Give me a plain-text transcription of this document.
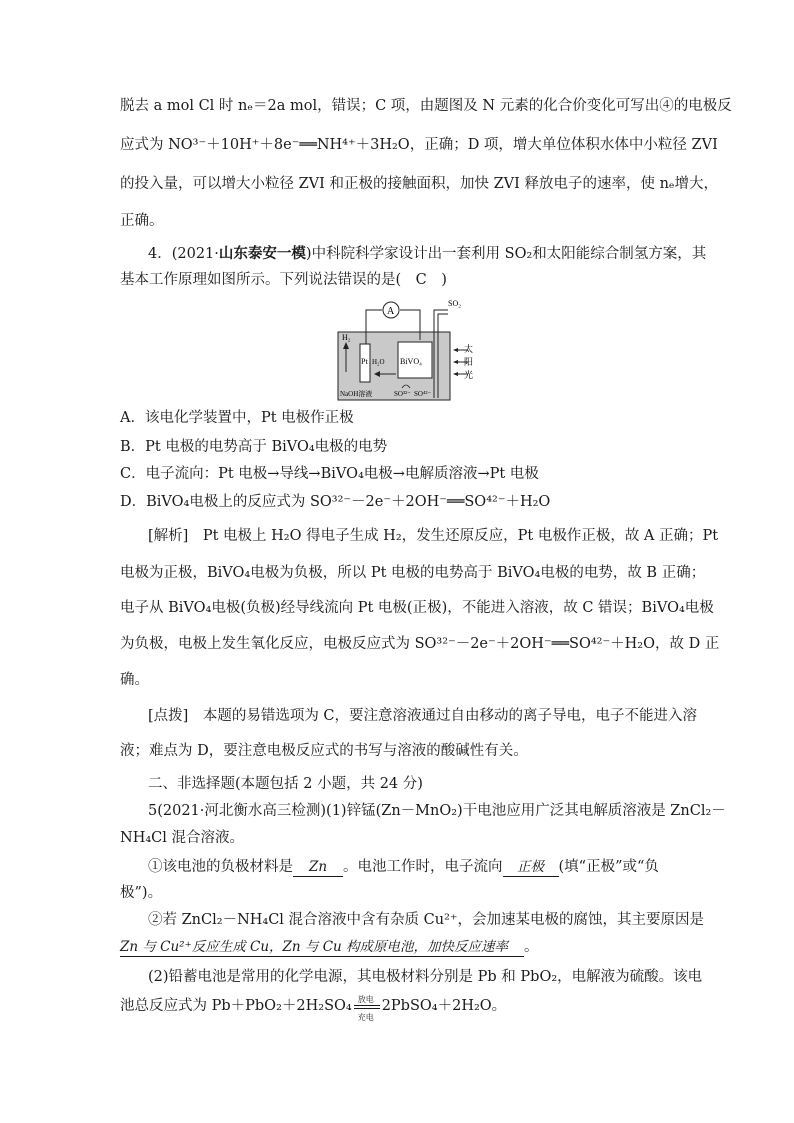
脱去 a mol Cl 时 nₑ＝2a mol，错误；C 项，由题图及 N 元素的化合价变化可写出④的电极反
应式为 NO³⁻＋10H⁺＋8e⁻══NH⁴⁺＋3H₂O，正确；D 项，增大单位体积水体中小粒径 ZVI
的投入量，可以增大小粒径 ZVI 和正极的接触面积，加快 ZVI 释放电子的速率，使 nₑ增大，
正确。
4．(2021·山东泰安一模)中科院科学家设计出一套利用 SO₂和太阳能综合制氢方案，其
基本工作原理如图所示。下列说法错误的是(　C　)
A
SO₂
H₂
Pt H₂O BiVO₄
太
阳
光
NaOH溶液	SO³²⁻ SO⁴²⁻
A．该电化学装置中，Pt 电极作正极
B．Pt 电极的电势高于 BiVO₄电极的电势
C．电子流向：Pt 电极→导线→BiVO₄电极→电解质溶液→Pt 电极
D．BiVO₄电极上的反应式为 SO³²⁻－2e⁻＋2OH⁻══SO⁴²⁻＋H₂O
[解析]　Pt 电极上 H₂O 得电子生成 H₂，发生还原反应，Pt 电极作正极，故 A 正确；Pt
电极为正极，BiVO₄电极为负极，所以 Pt 电极的电势高于 BiVO₄电极的电势，故 B 正确；
电子从 BiVO₄电极(负极)经导线流向 Pt 电极(正极)，不能进入溶液，故 C 错误；BiVO₄电极
为负极，电极上发生氧化反应，电极反应式为 SO³²⁻－2e⁻＋2OH⁻══SO⁴²⁻＋H₂O，故 D 正
确。
[点拨]　本题的易错选项为 C，要注意溶液通过自由移动的离子导电，电子不能进入溶
液；难点为 D，要注意电极反应式的书写与溶液的酸碱性有关。
二、非选择题(本题包括 2 小题，共 24 分)
5(2021·河北衡水高三检测)(1)锌锰(Zn－MnO₂)干电池应用广泛其电解质溶液是 ZnCl₂－
NH₄Cl 混合溶液。
①该电池的负极材料是 Zn 。电池工作时，电子流向 正极 (填“正极”或“负
极”)。
②若 ZnCl₂－NH₄Cl 混合溶液中含有杂质 Cu²⁺，会加速某电极的腐蚀，其主要原因是
Zn 与 Cu²⁺反应生成 Cu，Zn 与 Cu 构成原电池，加快反应速率 。
(2)铅蓄电池是常用的化学电源，其电极材料分别是 Pb 和 PbO₂，电解液为硫酸。该电
池总反应式为 Pb＋PbO₂＋2H₂SO₄ 放电
充电
2PbSO₄＋2H₂O。
